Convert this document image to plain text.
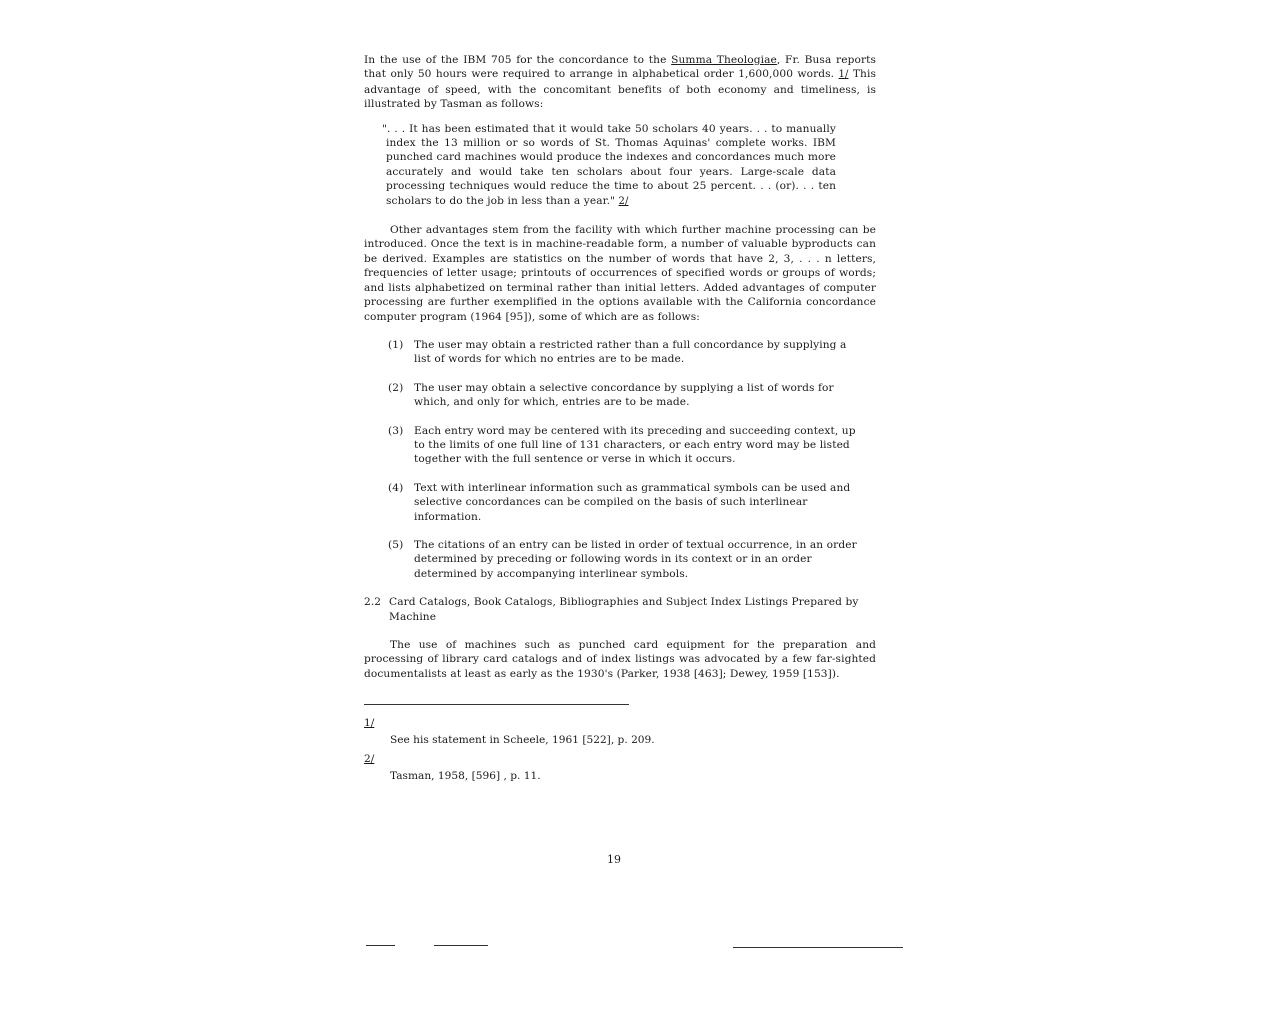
In the use of the IBM 705 for the concordance to the Summa Theologiae, Fr. Busa reports that only 50 hours were required to arrange in alphabetical order 1,600,000 words. 1/ This advantage of speed, with the concomitant benefits of both economy and timeliness, is illustrated by Tasman as follows:

". . . It has been estimated that it would take 50 scholars 40 years. . . to manually index the 13 million or so words of St. Thomas Aquinas' complete works. IBM punched card machines would produce the indexes and concordances much more accurately and would take ten scholars about four years. Large-scale data processing techniques would reduce the time to about 25 percent. . . (or). . . ten scholars to do the job in less than a year." 2/

Other advantages stem from the facility with which further machine processing can be introduced. Once the text is in machine-readable form, a number of valuable byproducts can be derived. Examples are statistics on the number of words that have 2, 3, . . . n letters, frequencies of letter usage; printouts of occurrences of specified words or groups of words; and lists alphabetized on terminal rather than initial letters. Added advantages of computer processing are further exemplified in the options available with the California concordance computer program (1964 [95]), some of which are as follows:

(1) The user may obtain a restricted rather than a full concordance by supplying a list of words for which no entries are to be made.
(2) The user may obtain a selective concordance by supplying a list of words for which, and only for which, entries are to be made.
(3) Each entry word may be centered with its preceding and succeeding context, up to the limits of one full line of 131 characters, or each entry word may be listed together with the full sentence or verse in which it occurs.
(4) Text with interlinear information such as grammatical symbols can be used and selective concordances can be compiled on the basis of such interlinear information.
(5) The citations of an entry can be listed in order of textual occurrence, in an order determined by preceding or following words in its context or in an order determined by accompanying interlinear symbols.
2.2 Card Catalogs, Book Catalogs, Bibliographies and Subject Index Listings Prepared by Machine

The use of machines such as punched card equipment for the preparation and processing of library card catalogs and of index listings was advocated by a few far-sighted documentalists at least as early as the 1930's (Parker, 1938 [463]; Dewey, 1959 [153]).

1/
See his statement in Scheele, 1961 [522], p. 209.
2/
Tasman, 1958, [596] , p. 11.
19
